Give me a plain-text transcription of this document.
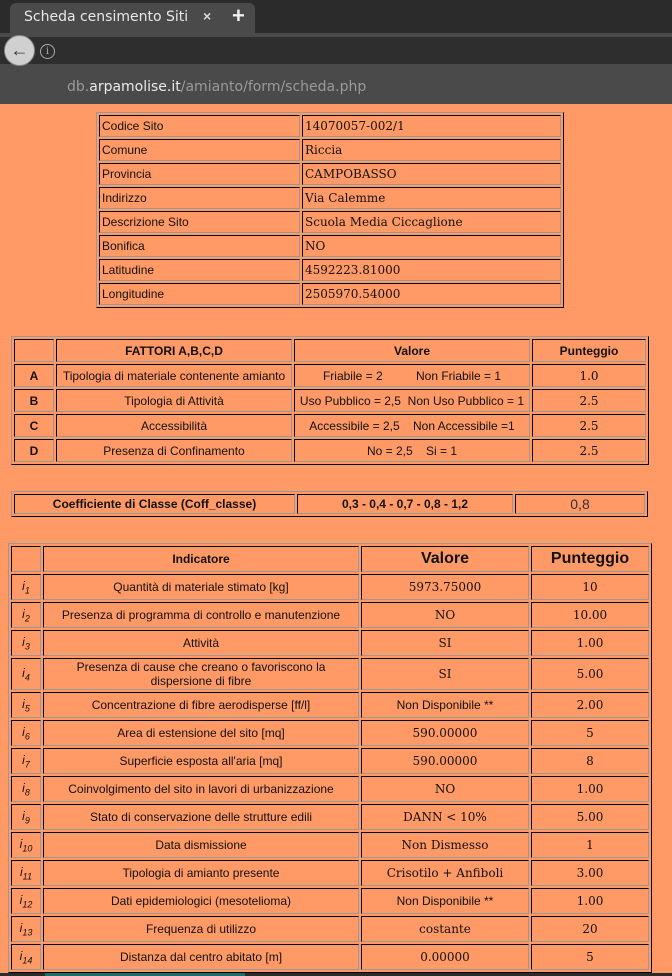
Scheda censimento Siti × +
db.arpamolise.it/amianto/form/scheda.php
←	i
Codice Sito	14070057-002/1
Comune	Riccia
Provincia	CAMPOBASSO
Indirizzo	Via Calemme
Descrizione Sito	Scuola Media Ciccaglione
Bonifica	NO
Latitudine	4592223.81000
Longitudine	2505970.54000
	FATTORI A,B,C,D	Valore	Punteggio
A	Tipologia di materiale contenente amianto	Friabile = 2          Non Friabile = 1	1.0
B	Tipologia di Attività	Uso Pubblico = 2,5  Non Uso Pubblico = 1	2.5
C	Accessibilità	Accessibile = 2,5    Non Accessibile =1	2.5
D	Presenza di Confinamento	No = 2,5    Si = 1	2.5
Coefficiente di Classe (Coff_classe)	0,3 - 0,4 - 0,7 - 0,8 - 1,2	0,8
	Indicatore	Valore	Punteggio
$i_1$	Quantità di materiale stimato [kg]	5973.75000	10
$i_2$	Presenza di programma di controllo e manutenzione	NO	10.00
$i_3$	Attività	SI	1.00
$i_4$	Presenza di cause che creano o favoriscono la dispersione di fibre	SI	5.00
$i_5$	Concentrazione di fibre aerodisperse [ff/l]	Non Disponibile **	2.00
$i_6$	Area di estensione del sito [mq]	590.00000	5
$i_7$	Superficie esposta all'aria [mq]	590.00000	8
$i_8$	Coinvolgimento del sito in lavori di urbanizzazione	NO	1.00
$i_9$	Stato di conservazione delle strutture edili	DANN < 10%	5.00
$i_{10}$	Data dismissione	Non Dismesso	1
$i_{11}$	Tipologia di amianto presente	Crisotilo + Anfiboli	3.00
$i_{12}$	Dati epidemiologici (mesotelioma)	Non Disponibile **	1.00
$i_{13}$	Frequenza di utilizzo	costante	20
$i_{14}$	Distanza dal centro abitato [m]	0.00000	5
